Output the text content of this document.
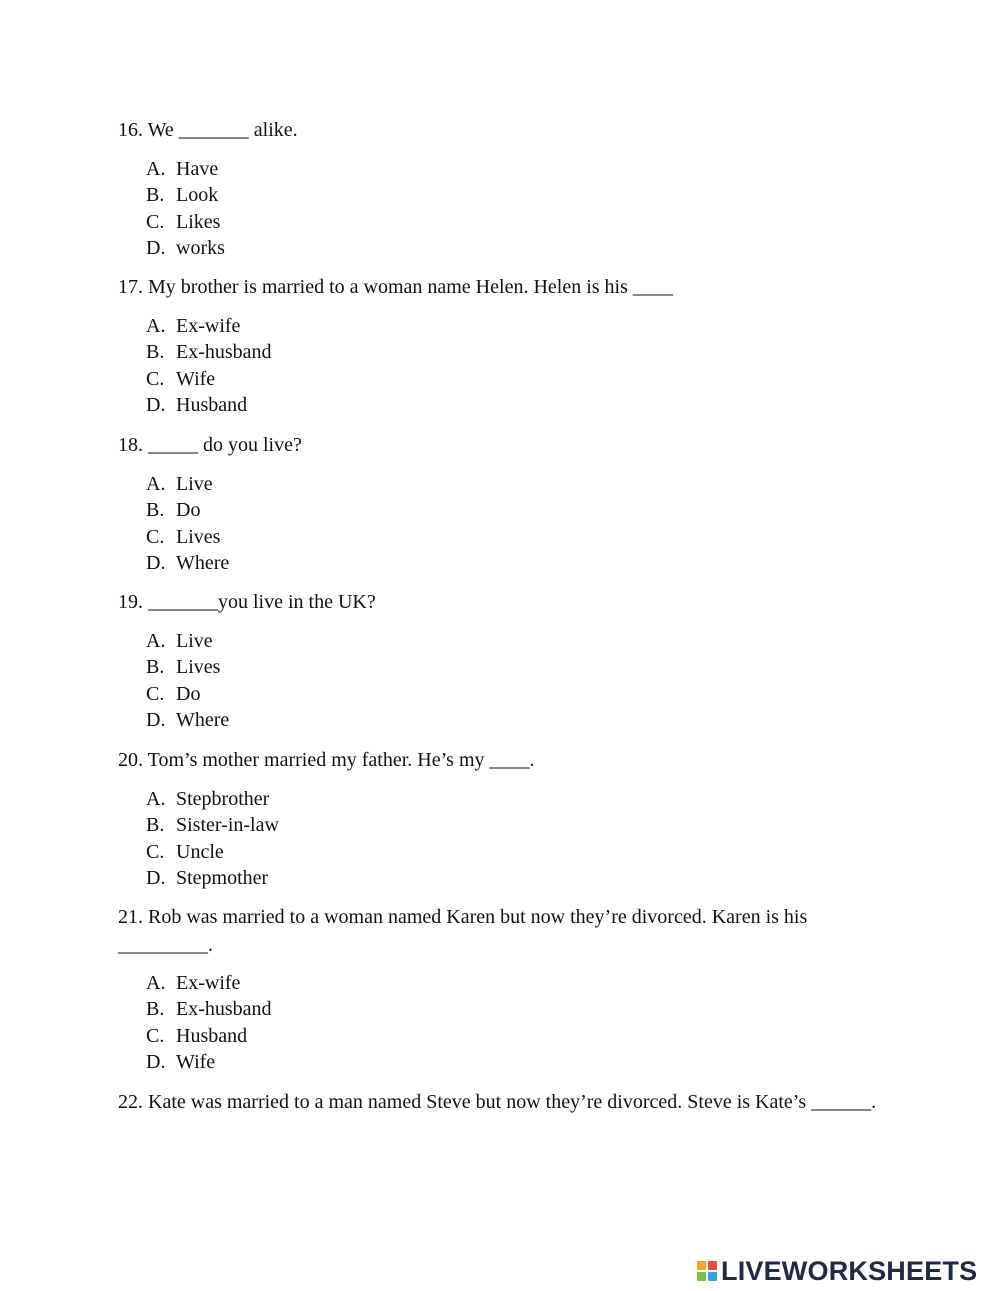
16. We _______ alike.
A. Have
B. Look
C. Likes
D. works
17. My brother is married to a woman name Helen. Helen is his ____
A. Ex-wife
B. Ex-husband
C. Wife
D. Husband
18. _____ do you live?
A. Live
B. Do
C. Lives
D. Where
19. _______you live in the UK?
A. Live
B. Lives
C. Do
D. Where
20. Tom’s mother married my father. He’s my ____.
A. Stepbrother
B. Sister-in-law
C. Uncle
D. Stepmother
21. Rob was married to a woman named Karen but now they’re divorced. Karen is his _________.
A. Ex-wife
B. Ex-husband
C. Husband
D. Wife
22. Kate was married to a man named Steve but now they’re divorced. Steve is Kate’s ______.
LIVEWORKSHEETS
